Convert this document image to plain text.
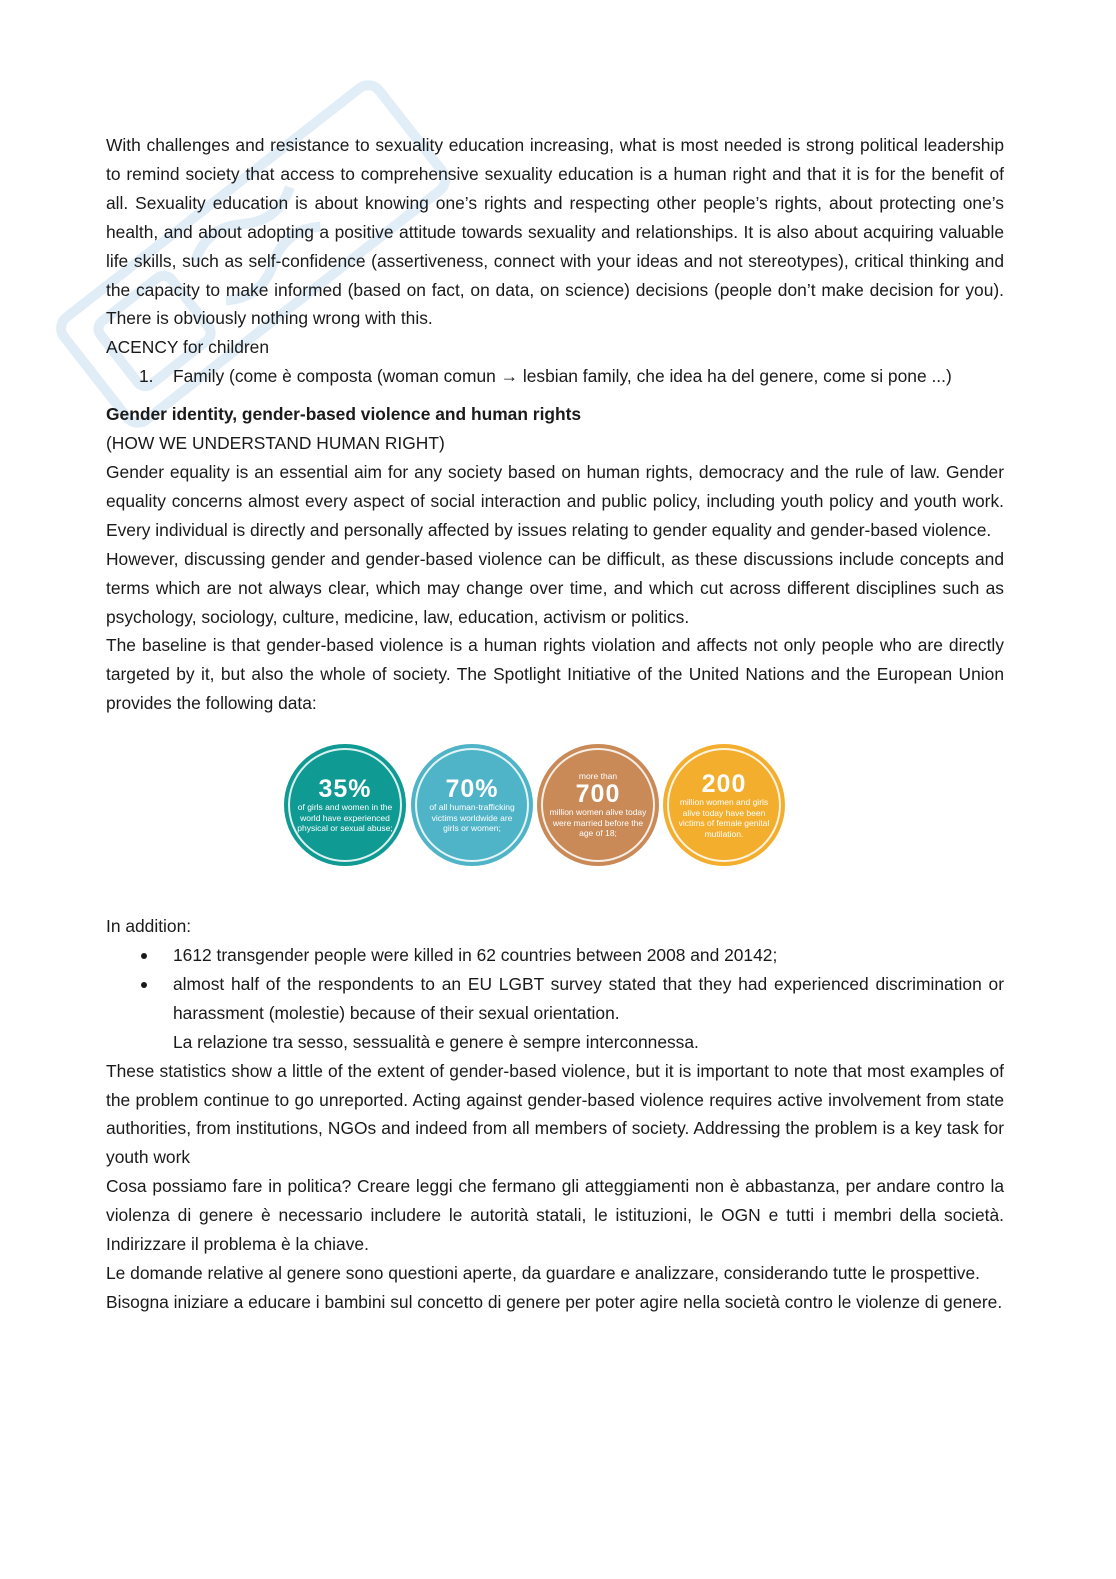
With challenges and resistance to sexuality education increasing, what is most needed is strong political leadership to remind society that access to comprehensive sexuality education is a human right and that it is for the benefit of all. Sexuality education is about knowing one’s rights and respecting other people’s rights, about protecting one’s health, and about adopting a positive attitude towards sexuality and relationships. It is also about acquiring valuable life skills, such as self-confidence (assertiveness, connect with your ideas and not stereotypes), critical thinking and the capacity to make informed (based on fact, on data, on science) decisions (people don’t make decision for you). There is obviously nothing wrong with this.

ACENCY for children

1. Family (come è composta (woman comun → lesbian family, che idea ha del genere, come si pone ...)

Gender identity, gender-based violence and human rights

(HOW WE UNDERSTAND HUMAN RIGHT)

Gender equality is an essential aim for any society based on human rights, democracy and the rule of law. Gender equality concerns almost every aspect of social interaction and public policy, including youth policy and youth work. Every individual is directly and personally affected by issues relating to gender equality and gender-based violence.

However, discussing gender and gender-based violence can be difficult, as these discussions include concepts and terms which are not always clear, which may change over time, and which cut across different disciplines such as psychology, sociology, culture, medicine, law, education, activism or politics.

The baseline is that gender-based violence is a human rights violation and affects not only people who are directly targeted by it, but also the whole of society. The Spotlight Initiative of the United Nations and the European Union provides the following data:

35%
of girls and women in the world have experienced physical or sexual abuse;
70%
of all human-trafficking victims worldwide are girls or women;
more than
700
million women alive today were married before the age of 18;
200
million women and girls alive today have been victims of female genital mutilation.

In addition:

1612 transgender people were killed in 62 countries between 2008 and 20142;
almost half of the respondents to an EU LGBT survey stated that they had experienced discrimination or harassment (molestie) because of their sexual orientation.

La relazione tra sesso, sessualità e genere è sempre interconnessa.

These statistics show a little of the extent of gender-based violence, but it is important to note that most examples of the problem continue to go unreported. Acting against gender-based violence requires active involvement from state authorities, from institutions, NGOs and indeed from all members of society. Addressing the problem is a key task for youth work

Cosa possiamo fare in politica? Creare leggi che fermano gli atteggiamenti non è abbastanza, per andare contro la violenza di genere è necessario includere le autorità statali, le istituzioni, le OGN e tutti i membri della società. Indirizzare il problema è la chiave.

Le domande relative al genere sono questioni aperte, da guardare e analizzare, considerando tutte le prospettive.

Bisogna iniziare a educare i bambini sul concetto di genere per poter agire nella società contro le violenze di genere.
